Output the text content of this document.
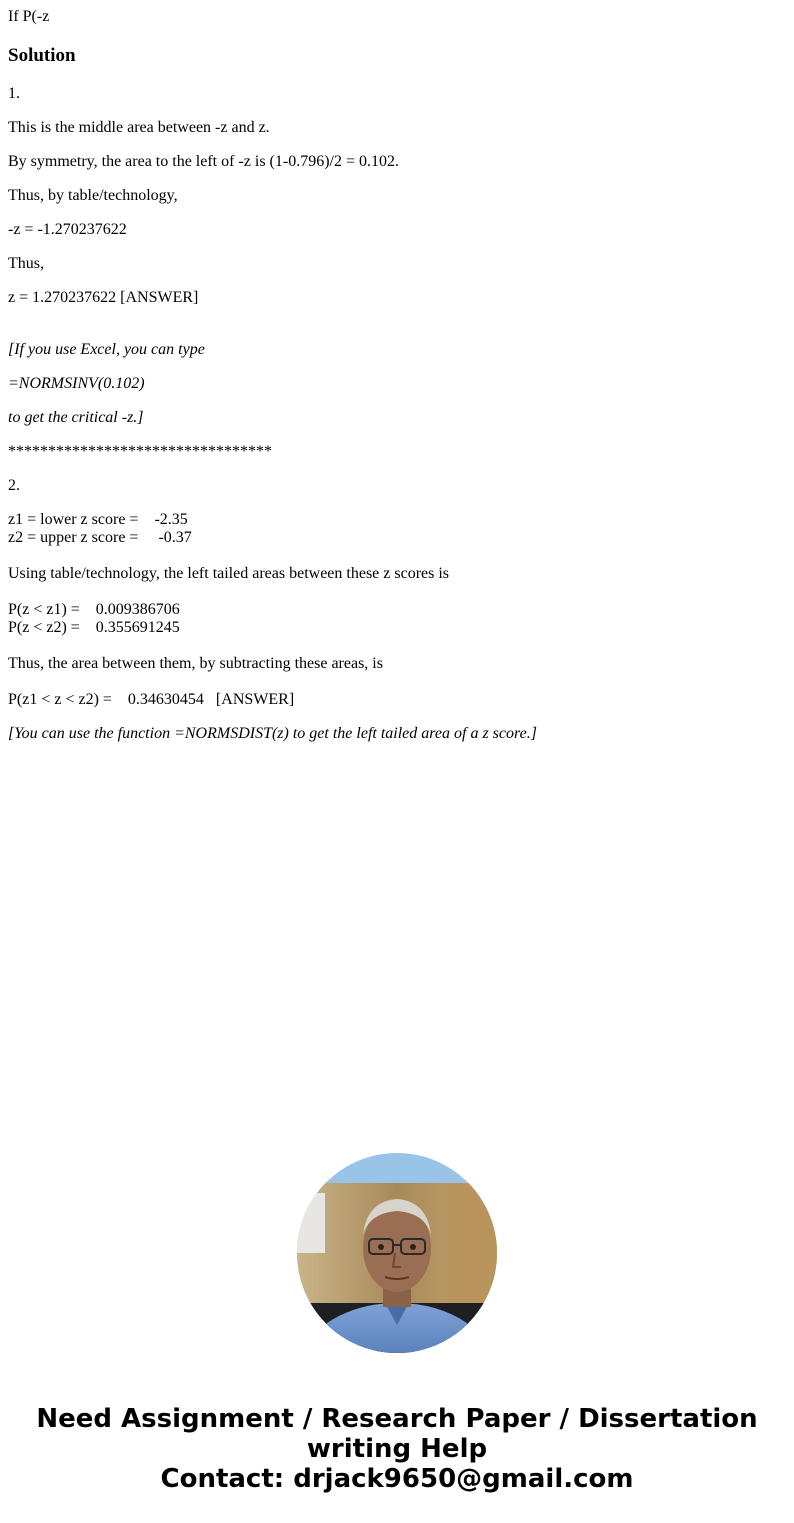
If P(-z
Solution
1.
This is the middle area between -z and z.
By symmetry, the area to the left of -z is (1-0.796)/2 = 0.102.
Thus, by table/technology,
-z = -1.270237622
Thus,
z = 1.270237622 [ANSWER]
[If you use Excel, you can type
=NORMSINV(0.102)
to get the critical -z.]
*********************************
2.
z1 = lower z score =    -2.35
z2 = upper z score =     -0.37
Using table/technology, the left tailed areas between these z scores is
P(z < z1) =    0.009386706
P(z < z2) =    0.355691245
Thus, the area between them, by subtracting these areas, is
P(z1 < z < z2) =    0.34630454   [ANSWER]
[You can use the function =NORMSDIST(z) to get the left tailed area of a z score.]
Need Assignment / Research Paper / Dissertation
writing Help
Contact: drjack9650@gmail.com
